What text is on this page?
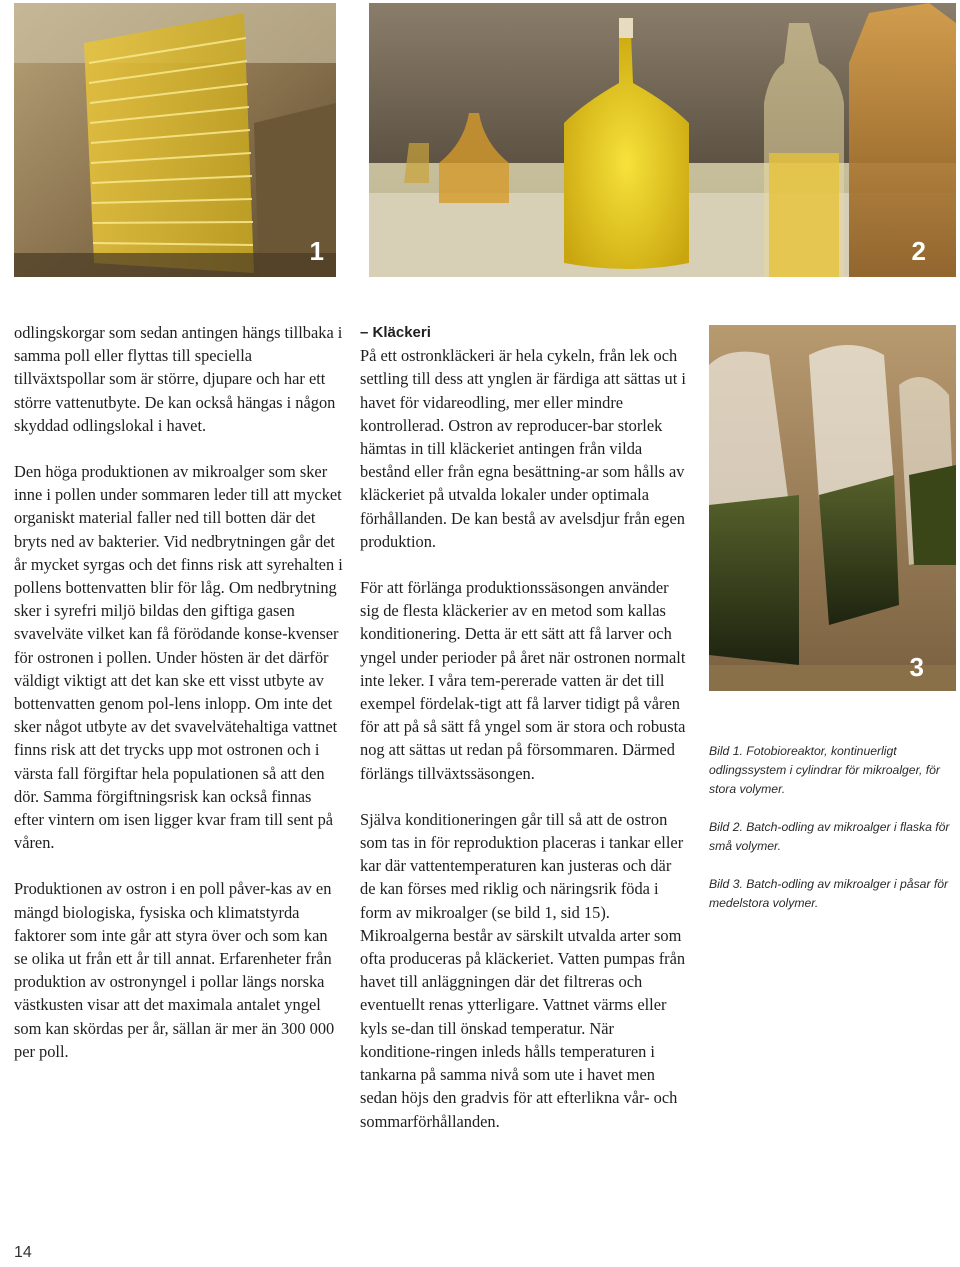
1	2
3

odlingskorgar som sedan antingen hängs tillbaka i samma poll eller flyttas till speciella tillväxtspollar som är större, djupare och har ett större vattenutbyte. De kan också hängas i någon skyddad odlingslokal i havet.

Den höga produktionen av mikroalger som sker inne i pollen under sommaren leder till att mycket organiskt material faller ned till botten där det bryts ned av bakterier. Vid nedbrytningen går det år mycket syrgas och det finns risk att syrehalten i pollens bottenvatten blir för låg. Om nedbrytning sker i syrefri miljö bildas den giftiga gasen svavelväte vilket kan få förödande konse-kvenser för ostronen i pollen. Under hösten är det därför väldigt viktigt att det kan ske ett visst utbyte av bottenvatten genom pol-lens inlopp. Om inte det sker något utbyte av det svavelvätehaltiga vattnet finns risk att det trycks upp mot ostronen och i värsta fall förgiftar hela populationen så att den dör. Samma förgiftningsrisk kan också finnas efter vintern om isen ligger kvar fram till sent på våren.

Produktionen av ostron i en poll påver-kas av en mängd biologiska, fysiska och klimatstyrda faktorer som inte går att styra över och som kan se olika ut från ett år till annat. Erfarenheter från produktion av ostronyngel i pollar längs norska västkusten visar att det maximala antalet yngel som kan skördas per år, sällan är mer än 300 000 per poll.

– Kläckeri
På ett ostronkläckeri är hela cykeln, från lek och settling till dess att ynglen är färdiga att sättas ut i havet för vidareodling, mer eller mindre kontrollerad. Ostron av reproducer-bar storlek hämtas in till kläckeriet antingen från vilda bestånd eller från egna besättning-ar som hålls av kläckeriet på utvalda lokaler under optimala förhållanden. De kan bestå av avelsdjur från egen produktion.

För att förlänga produktionssäsongen använder sig de flesta kläckerier av en metod som kallas konditionering. Detta är ett sätt att få larver och yngel under perioder på året när ostronen normalt inte leker. I våra tem-pererade vatten är det till exempel fördelak-tigt att få larver tidigt på våren för att på så sätt få yngel som är stora och robusta nog att sättas ut redan på försommaren. Därmed förlängs tillväxtssäsongen.

Själva konditioneringen går till så att de ostron som tas in för reproduktion placeras i tankar eller kar där vattentemperaturen kan justeras och där de kan förses med riklig och näringsrik föda i form av mikroalger (se bild 1, sid 15). Mikroalgerna består av särskilt utvalda arter som ofta produceras på kläckeriet. Vatten pumpas från havet till anläggningen där det filtreras och eventuellt renas ytterligare. Vattnet värms eller kyls se-dan till önskad temperatur. När konditione-ringen inleds hålls temperaturen i tankarna på samma nivå som ute i havet men sedan höjs den gradvis för att efterlikna vår- och sommarförhållanden.

Bild 1. Fotobioreaktor, kontinuerligt odlingssystem i cylindrar för mikroalger, för stora volymer.

Bild 2. Batch-odling av mikroalger i flaska för små volymer.

Bild 3. Batch-odling av mikroalger i påsar för medelstora volymer.

14
